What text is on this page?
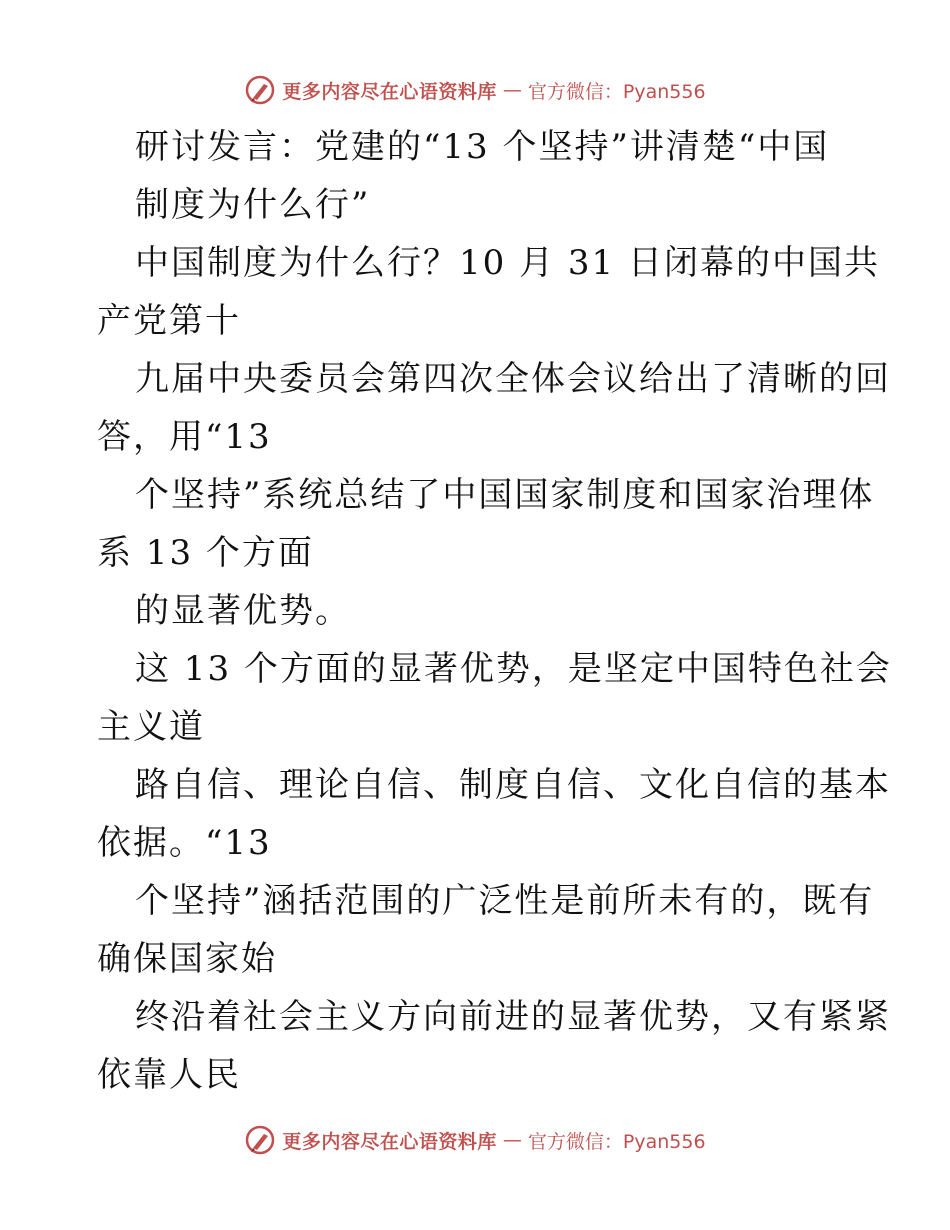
更多内容尽在心语资料库 — 官方微信：Pyan556
研讨发言：党建的“13 个坚持”讲清楚“中国
制度为什么行”
中国制度为什么行？10 月 31 日闭幕的中国共
产党第十
九届中央委员会第四次全体会议给出了清晰的回
答，用“13
个坚持”系统总结了中国国家制度和国家治理体
系 13 个方面
的显著优势。
这 13 个方面的显著优势，是坚定中国特色社会
主义道
路自信、理论自信、制度自信、文化自信的基本
依据。“13
个坚持”涵括范围的广泛性是前所未有的，既有
确保国家始
终沿着社会主义方向前进的显著优势，又有紧紧
依靠人民
更多内容尽在心语资料库 — 官方微信：Pyan556
